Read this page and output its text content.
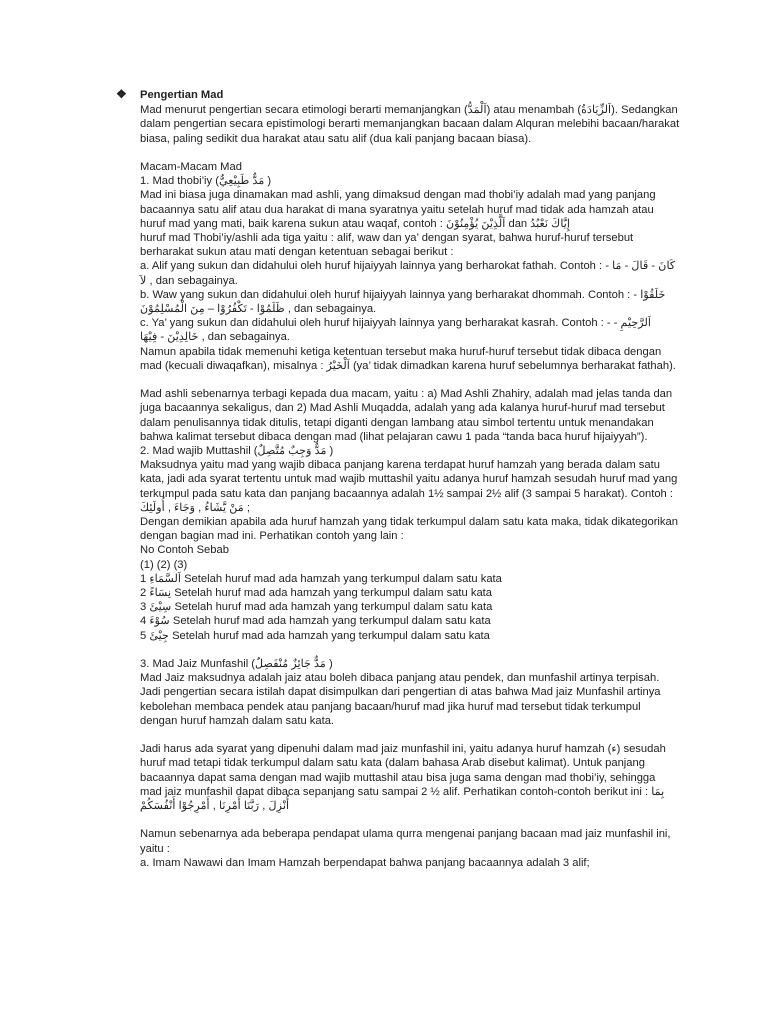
❖ Pengertian Mad

Mad menurut pengertian secara etimologi berarti memanjangkan (اَلْمَدُّ) atau menambah (اَلزِّيَادَةُ). Sedangkan dalam pengertian secara epistimologi berarti memanjangkan bacaan dalam Alquran melebihi bacaan/harakat biasa, paling sedikit dua harakat atau satu alif (dua kali panjang bacaan biasa).

Macam-Macam Mad

1. Mad thobi’iy (مَدٌّ طَبِيْعِيٌّ )

Mad ini biasa juga dinamakan mad ashli, yang dimaksud dengan mad thobi’iy adalah mad yang panjang bacaannya satu alif atau dua harakat di mana syaratnya yaitu setelah huruf mad tidak ada hamzah atau huruf mad yang mati, baik karena sukun atau waqaf, contoh : اَلَّذِيْنَ يُؤْمِنُوْنَ dan إِيَّاكَ نَعْبُدُ

huruf mad Thobi’iy/ashli ada tiga yaitu : alif, waw dan ya’ dengan syarat, bahwa huruf-huruf tersebut berharakat sukun atau mati dengan ketentuan sebagai berikut :

a. Alif yang sukun dan didahului oleh huruf hijaiyyah lainnya yang berharokat fathah. Contoh : كَانَ - قَالَ - مَا - لاَ , dan sebagainya.

b. Waw yang sukun dan didahului oleh huruf hijaiyyah lainnya yang berharakat dhommah. Contoh : خَلَقُوْا - ظَلَمُوْا - تَكْفُرُوْا – مِنَ الْمُسْلِمُوْنَ , dan sebagainya.

c. Ya’ yang sukun dan didahului oleh huruf hijaiyyah lainnya yang berharakat kasrah. Contoh : - اَلرَّحِيْمِ - خَالِدِيْنَ - فِيْهَا , dan sebagainya.

Namun apabila tidak memenuhi ketiga ketentuan tersebut maka huruf-huruf tersebut tidak dibaca dengan mad (kecuali diwaqafkan), misalnya : اَلْخَيْرُ (ya’ tidak dimadkan karena huruf sebelumnya berharakat fathah).

Mad ashli sebenarnya terbagi kepada dua macam, yaitu : a) Mad Ashli Zhahiry, adalah mad jelas tanda dan juga bacaannya sekaligus, dan 2) Mad Ashli Muqadda, adalah yang ada kalanya huruf-huruf mad tersebut dalam penulisannya tidak ditulis, tetapi diganti dengan lambang atau simbol tertentu untuk menandakan bahwa kalimat tersebut dibaca dengan mad (lihat pelajaran cawu 1 pada “tanda baca huruf hijaiyyah”).

2. Mad wajib Muttashil (مَدٌّ وَجِبٌ مُتَّصِلٌ )

Maksudnya yaitu mad yang wajib dibaca panjang karena terdapat huruf hamzah yang berada dalam satu kata, jadi ada syarat tertentu untuk mad wajib muttashil yaitu adanya huruf hamzah sesudah huruf mad yang terkumpul pada satu kata dan panjang bacaannya adalah 1½ sampai 2½ alif (3 sampai 5 harakat). Contoh : مَنْ يَّشَاءُ , وَجَاءَ , أُولَئِكَ ;

Dengan demikian apabila ada huruf hamzah yang tidak terkumpul dalam satu kata maka, tidak dikategorikan dengan bagian mad ini. Perhatikan contoh yang lain :

No Contoh Sebab

(1) (2) (3)

1 اَلسَّمَاءِ Setelah huruf mad ada hamzah yang terkumpul dalam satu kata

2 نِسَاءً Setelah huruf mad ada hamzah yang terkumpul dalam satu kata

3 سِيْئَ Setelah huruf mad ada hamzah yang terkumpul dalam satu kata

4 سُوْءَ Setelah huruf mad ada hamzah yang terkumpul dalam satu kata

5 جِيْئَ Setelah huruf mad ada hamzah yang terkumpul dalam satu kata

3. Mad Jaiz Munfashil (مَدٌّ جَائِزٌ مُنْفَصِلٌ )

Mad Jaiz maksudnya adalah jaiz atau boleh dibaca panjang atau pendek, dan munfashil artinya terpisah. Jadi pengertian secara istilah dapat disimpulkan dari pengertian di atas bahwa Mad jaiz Munfashil artinya kebolehan membaca pendek atau panjang bacaan/huruf mad jika huruf mad tersebut tidak terkumpul dengan huruf hamzah dalam satu kata.

Jadi harus ada syarat yang dipenuhi dalam mad jaiz munfashil ini, yaitu adanya huruf hamzah (ء) sesudah huruf mad tetapi tidak terkumpul dalam satu kata (dalam bahasa Arab disebut kalimat). Untuk panjang bacaannya dapat sama dengan mad wajib muttashil atau bisa juga sama dengan mad thobi’iy, sehingga mad jaiz munfashil dapat dibaca sepanjang satu sampai 2 ½ alif. Perhatikan contoh-contoh berikut ini : بِمَا أُنْزِلَ , رَبَّنَا أَمْرِنَا , أَمْرِجُوْا أَنْفُسَكُمْ

Namun sebenarnya ada beberapa pendapat ulama qurra mengenai panjang bacaan mad jaiz munfashil ini, yaitu :

a. Imam Nawawi dan Imam Hamzah berpendapat bahwa panjang bacaannya adalah 3 alif;
